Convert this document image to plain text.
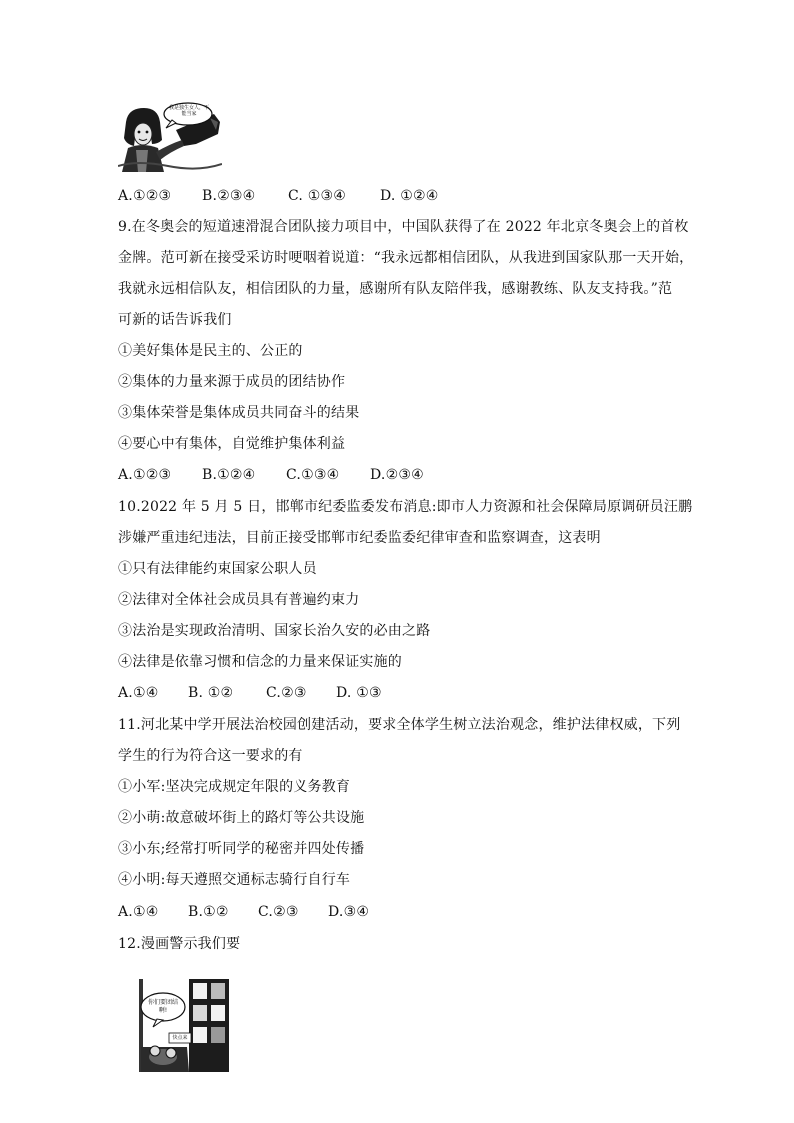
我是独生女人，不能当家
A.①②③ B.②③④ C. ①③④ D. ①②④
9.在冬奥会的短道速滑混合团队接力项目中，中国队获得了在 2022 年北京冬奥会上的首枚
金牌。范可新在接受采访时哽咽着说道：“我永远都相信团队，从我进到国家队那一天开始，
我就永远相信队友，相信团队的力量，感谢所有队友陪伴我，感谢教练、队友支持我。”范
可新的话告诉我们
①美好集体是民主的、公正的
②集体的力量来源于成员的团结协作
③集体荣誉是集体成员共同奋斗的结果
④要心中有集体，自觉维护集体利益
A.①②③ B.①②④ C.①③④ D.②③④
10.2022 年 5 月 5 日，邯郸市纪委监委发布消息:即市人力资源和社会保障局原调研员汪鹏
涉嫌严重违纪违法，目前正接受邯郸市纪委监委纪律审查和监察调查，这表明
①只有法律能约束国家公职人员
②法律对全体社会成员具有普遍约束力
③法治是实现政治清明、国家长治久安的必由之路
④法律是依靠习惯和信念的力量来保证实施的
A.①④ B. ①② C.②③ D. ①③
11.河北某中学开展法治校园创建活动，要求全体学生树立法治观念，维护法律权威，下列
学生的行为符合这一要求的有
①小军:坚决完成规定年限的义务教育
②小萌:故意破坏街上的路灯等公共设施
③小东;经常打听同学的秘密并四处传播
④小明:每天遵照交通标志骑行自行车
A.①④ B.①② C.②③ D.③④
12.漫画警示我们要
你们要团结啊!
快点来
